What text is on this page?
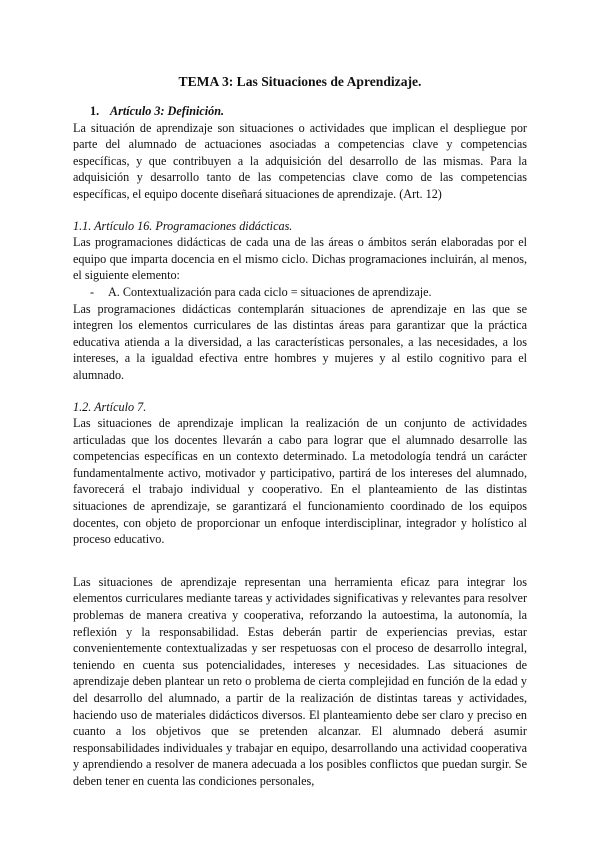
TEMA 3: Las Situaciones de Aprendizaje.
1. Artículo 3: Definición.

La situación de aprendizaje son situaciones o actividades que implican el despliegue por parte del alumnado de actuaciones asociadas a competencias clave y competencias específicas, y que contribuyen a la adquisición del desarrollo de las mismas. Para la adquisición y desarrollo tanto de las competencias clave como de las competencias específicas, el equipo docente diseñará situaciones de aprendizaje. (Art. 12)

1.1. Artículo 16. Programaciones didácticas.

Las programaciones didácticas de cada una de las áreas o ámbitos serán elaboradas por el equipo que imparta docencia en el mismo ciclo. Dichas programaciones incluirán, al menos, el siguiente elemento:

- A. Contextualización para cada ciclo = situaciones de aprendizaje.

Las programaciones didácticas contemplarán situaciones de aprendizaje en las que se integren los elementos curriculares de las distintas áreas para garantizar que la práctica educativa atienda a la diversidad, a las características personales, a las necesidades, a los intereses, a la igualdad efectiva entre hombres y mujeres y al estilo cognitivo para el alumnado.

1.2. Artículo 7.

Las situaciones de aprendizaje implican la realización de un conjunto de actividades articuladas que los docentes llevarán a cabo para lograr que el alumnado desarrolle las competencias específicas en un contexto determinado. La metodología tendrá un carácter fundamentalmente activo, motivador y participativo, partirá de los intereses del alumnado, favorecerá el trabajo individual y cooperativo. En el planteamiento de las distintas situaciones de aprendizaje, se garantizará el funcionamiento coordinado de los equipos docentes, con objeto de proporcionar un enfoque interdisciplinar, integrador y holístico al proceso educativo.

Las situaciones de aprendizaje representan una herramienta eficaz para integrar los elementos curriculares mediante tareas y actividades significativas y relevantes para resolver problemas de manera creativa y cooperativa, reforzando la autoestima, la autonomía, la reflexión y la responsabilidad. Estas deberán partir de experiencias previas, estar convenientemente contextualizadas y ser respetuosas con el proceso de desarrollo integral, teniendo en cuenta sus potencialidades, intereses y necesidades. Las situaciones de aprendizaje deben plantear un reto o problema de cierta complejidad en función de la edad y del desarrollo del alumnado, a partir de la realización de distintas tareas y actividades, haciendo uso de materiales didácticos diversos. El planteamiento debe ser claro y preciso en cuanto a los objetivos que se pretenden alcanzar. El alumnado deberá asumir responsabilidades individuales y trabajar en equipo, desarrollando una actividad cooperativa y aprendiendo a resolver de manera adecuada a los posibles conflictos que puedan surgir. Se deben tener en cuenta las condiciones personales,
